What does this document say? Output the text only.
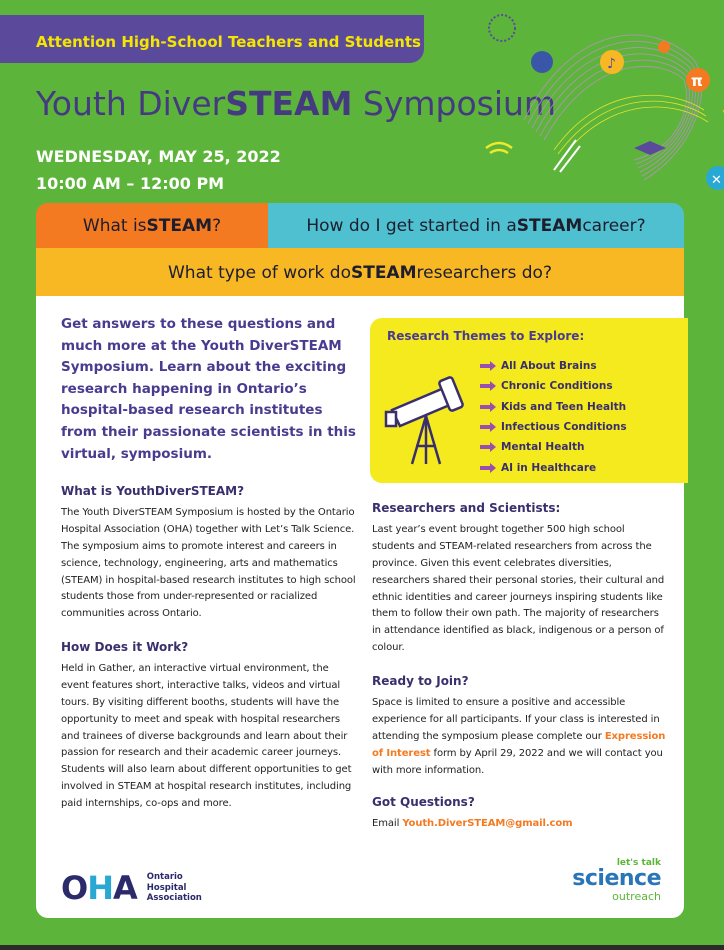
Attention High-School Teachers and Students
Youth DiverSTEAM Symposium
WEDNESDAY, MAY 25, 2022
10:00 AM – 12:00 PM
♪
π
✕
What is STEAM ?	How do I get started in a STEAM career?
What type of work do STEAM researchers do?
Get answers to these questions and much more at the Youth DiverSTEAM Symposium. Learn about the exciting research happening in Ontario’s hospital-based research institutes from their passionate scientists in this virtual, symposium.
Research Themes to Explore:
All About Brains
Chronic Conditions
Kids and Teen Health
Infectious Conditions
Mental Health
AI in Healthcare
What is YouthDiverSTEAM?

The Youth DiverSTEAM Symposium is hosted by the Ontario Hospital Association (OHA) together with Let’s Talk Science. The symposium aims to promote interest and careers in science, technology, engineering, arts and mathematics (STEAM) in hospital-based research institutes to high school students those from under-represented or racialized communities across Ontario.

How Does it Work?

Held in Gather, an interactive virtual environment, the event features short, interactive talks, videos and virtual tours. By visiting different booths, students will have the opportunity to meet and speak with hospital researchers and trainees of diverse backgrounds and learn about their passion for research and their academic career journeys. Students will also learn about different opportunities to get involved in STEAM at hospital research institutes, including paid internships, co-ops and more.

Researchers and Scientists:

Last year’s event brought together 500 high school students and STEAM-related researchers from across the province. Given this event celebrates diversities, researchers shared their personal stories, their cultural and ethnic identities and career journeys inspiring students like them to follow their own path. The majority of researchers in attendance identified as black, indigenous or a person of colour.

Ready to Join?

Space is limited to ensure a positive and accessible experience for all participants. If your class is interested in attending the symposium please complete our Expression of Interest form by April 29, 2022 and we will contact you with more information.

Got Questions?

Email Youth.DiverSTEAM@gmail.com

OHA Ontario
Hospital
Association
let's talk
science
outreach
